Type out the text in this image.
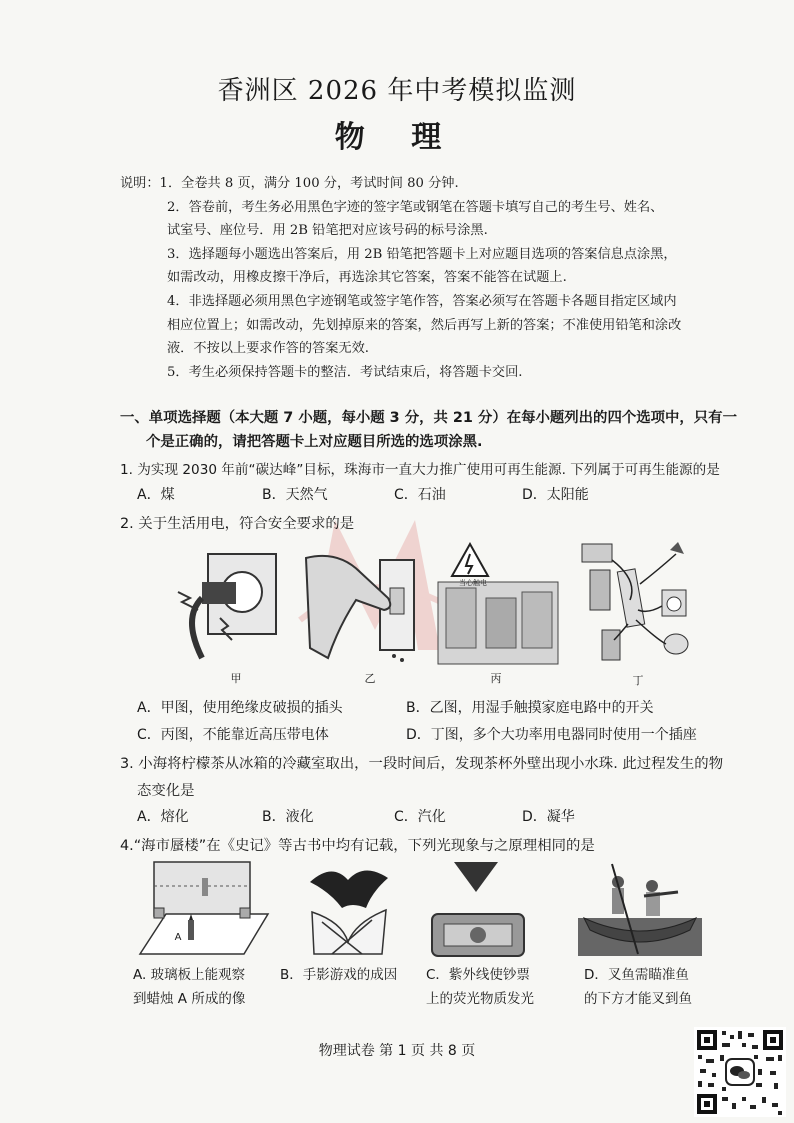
香洲区 2026 年中考模拟监测
物 理
说明：1．全卷共 8 页，满分 100 分，考试时间 80 分钟.
2．答卷前，考生务必用黑色字迹的签字笔或钢笔在答题卡填写自己的考生号、姓名、
试室号、座位号．用 2B 铅笔把对应该号码的标号涂黑.
3．选择题每小题选出答案后，用 2B 铅笔把答题卡上对应题目选项的答案信息点涂黑，
如需改动，用橡皮擦干净后，再选涂其它答案，答案不能答在试题上.
4．非选择题必须用黑色字迹钢笔或签字笔作答，答案必须写在答题卡各题目指定区域内
相应位置上；如需改动，先划掉原来的答案，然后再写上新的答案；不准使用铅笔和涂改
液．不按以上要求作答的答案无效.
5．考生必须保持答题卡的整洁．考试结束后，将答题卡交回.
一、单项选择题（本大题 7 小题，每小题 3 分，共 21 分）在每小题列出的四个选项中，只有一
个是正确的，请把答题卡上对应题目所选的选项涂黑.
1. 为实现 2030 年前“碳达峰”目标，珠海市一直大力推广使用可再生能源. 下列属于可再生能源的是
A．煤	B．天然气	C．石油	D．太阳能
2. 关于生活用电，符合安全要求的是
甲	乙
当心触电
丙	丁
A．甲图，使用绝缘皮破损的插头	B．乙图，用湿手触摸家庭电路中的开关
C．丙图，不能靠近高压带电体	D．丁图，多个大功率用电器同时使用一个插座
3. 小海将柠檬茶从冰箱的冷藏室取出，一段时间后，发现茶杯外壁出现小水珠. 此过程发生的物
态变化是
A．熔化	B．液化	C．汽化	D．凝华
4.“海市蜃楼”在《史记》等古书中均有记载，下列光现象与之原理相同的是
A
A. 玻璃板上能观察
到蜡烛 A 所成的像
B．手影游戏的成因 C．紫外线使钞票
上的荧光物质发光
D．叉鱼需瞄准鱼
的下方才能叉到鱼
物理试卷 第 1 页 共 8 页
